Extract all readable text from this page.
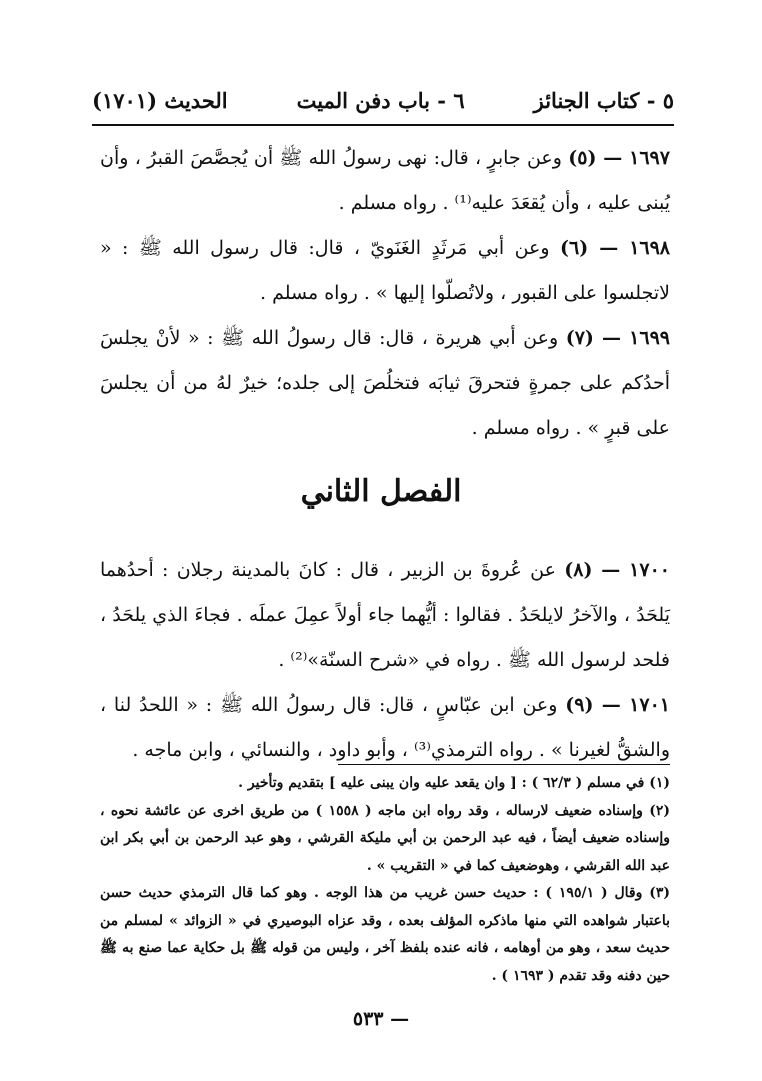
٥ - كتاب الجنائز
٦ - باب دفن الميت
الحديث (١٧٠١)

١٦٩٧ — (٥) وعن جابرٍ ، قال: نهى رسولُ الله ﷺ أن يُجصَّصَ القبرُ ، وأن يُبنى عليه ، وأن يُقعَدَ عليه⁽¹⁾ . رواه مسلم .

١٦٩٨ — (٦) وعن أبي مَرثَدٍ الغَنَويّ ، قال: قال رسول الله ﷺ : « لاتجلسوا على القبور ، ولاتُصلّوا إليها » . رواه مسلم .

١٦٩٩ — (٧) وعن أبي هريرة ، قال: قال رسولُ الله ﷺ : « لأنْ يجلسَ أحدُكم على جمرةٍ فتحرقَ ثيابَه فتخلُصَ إلى جلده؛ خيرٌ لهُ من أن يجلسَ على قبرٍ » . رواه مسلم .

الفصل الثاني

١٧٠٠ — (٨) عن عُروةَ بن الزبير ، قال : كانَ بالمدينة رجلان : أحدُهما يَلحَدُ ، والآخرُ لايلحَدُ . فقالوا : أيُّهما جاء أولاً عمِلَ عملَه . فجاءَ الذي يلحَدُ ، فلحد لرسول الله ﷺ . رواه في «شرح السنّة»⁽²⁾ .

١٧٠١ — (٩) وعن ابن عبّاسٍ ، قال: قال رسولُ الله ﷺ : « اللحدُ لنا ، والشقُّ لغيرنا » . رواه الترمذي⁽³⁾ ، وأبو داود ، والنسائي ، وابن ماجه .

(١) في مسلم ( ٦٢/٣ ) : [ وان يقعد عليه وان يبنى عليه ] بتقديم وتأخير .

(٢) وإسناده ضعيف لارساله ، وقد رواه ابن ماجه ( ١٥٥٨ ) من طريق اخرى عن عائشة نحوه ، وإسناده ضعيف أيضاً ، فيه عبد الرحمن بن أبي مليكة القرشي ، وهو عبد الرحمن بن أبي بكر ابن عبد الله القرشي ، وهوضعيف كما في « التقريب » .

(٣) وقال ( ١٩٥/١ ) : حديث حسن غريب من هذا الوجه . وهو كما قال الترمذي حديث حسن باعتبار شواهده التي منها ماذكره المؤلف بعده ، وقد عزاه البوصيري في « الزوائد » لمسلم من حديث سعد ، وهو من أوهامه ، فانه عنده بلفظ آخر ، وليس من قوله ﷺ بل حكاية عما صنع به ﷺ حين دفنه وقد تقدم ( ١٦٩٣ ) .

— ٥٣٣
